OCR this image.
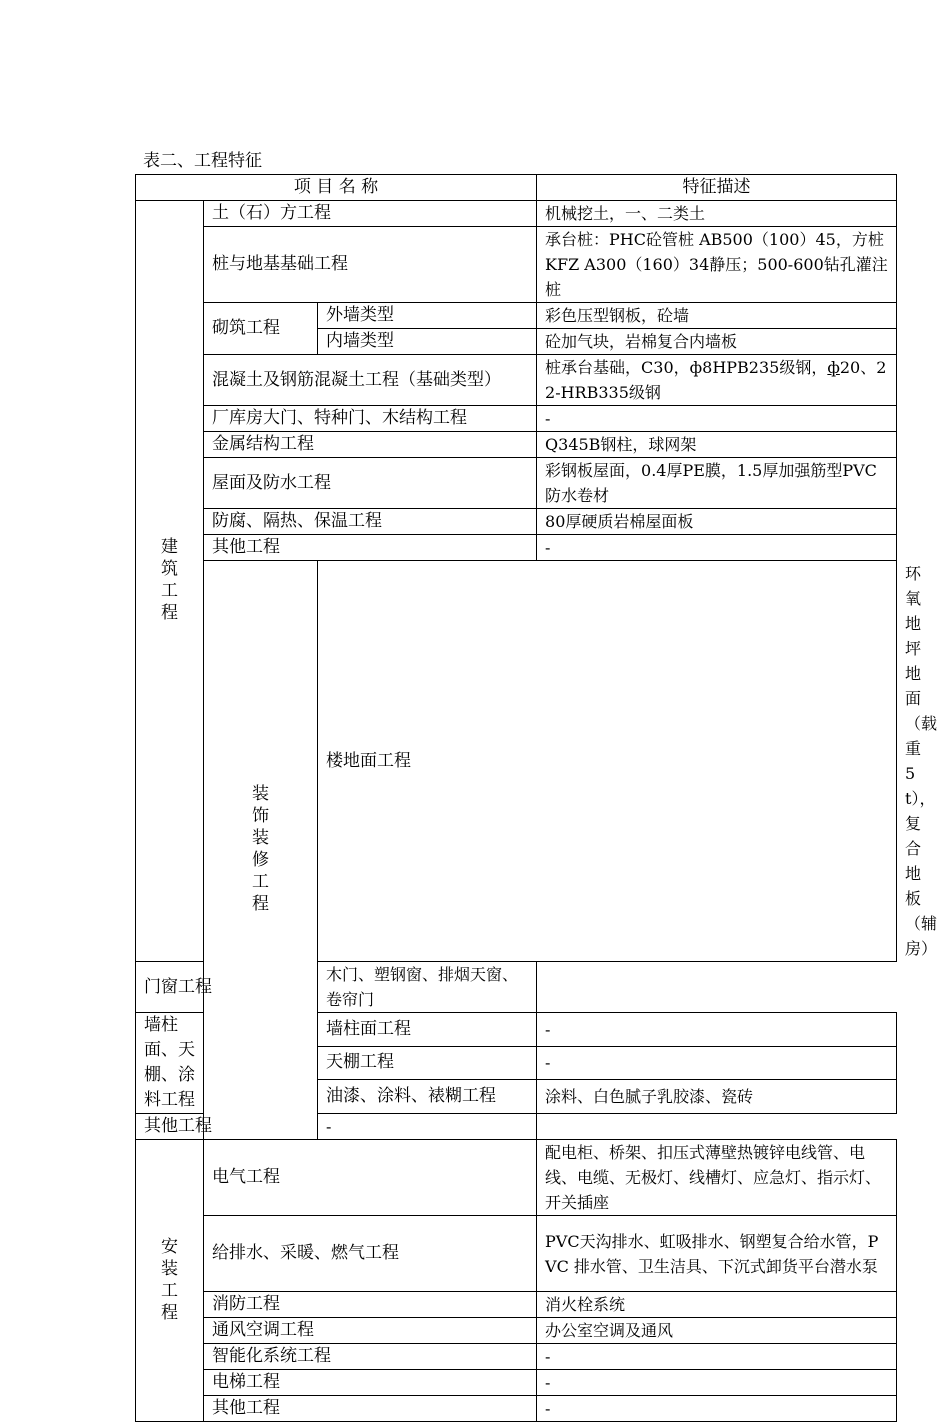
表二、工程特征
项 目 名 称			特征描述	
建筑工程	土（石）方工程		机械挖土，一、二类土	
	桩与地基基础工程		承台桩：PHC砼管桩 AB500（100）45，方桩KFZ A300（160）34静压；500-600钻孔灌注桩	
	砌筑工程	外墙类型	彩色压型钢板，砼墙	
		内墙类型	砼加气块，岩棉复合内墙板	
	混凝土及钢筋混凝土工程（基础类型）		桩承台基础，C30，ф8HPB235级钢，ф20、22-HRB335级钢	
	厂库房大门、特种门、木结构工程		-	
	金属结构工程		Q345B钢柱，球网架	
	屋面及防水工程		彩钢板屋面，0.4厚PE膜，1.5厚加强筋型PVC防水卷材	
	防腐、隔热、保温工程		80厚硬质岩棉屋面板	
	其他工程		-	
	装饰装修工程	楼地面工程		环氧地坪地面（载重5t），复合地板（辅房）
门窗工程		木门、塑钢窗、排烟天窗、卷帘门		
墙柱面、天棚、涂料工程		墙柱面工程	-	
		天棚工程	-	
		油漆、涂料、裱糊工程	涂料、白色腻子乳胶漆、瓷砖	
其他工程		-		
安装工程	电气工程		配电柜、桥架、扣压式薄壁热镀锌电线管、电线、电缆、无极灯、线槽灯、应急灯、指示灯、开关插座	
	给排水、采暖、燃气工程		PVC天沟排水、虹吸排水、钢塑复合给水管，PVC 排水管、卫生洁具、下沉式卸货平台潜水泵	
	消防工程		消火栓系统	
	通风空调工程		办公室空调及通风	
	智能化系统工程		-	
	电梯工程		-	
	其他工程		-	
